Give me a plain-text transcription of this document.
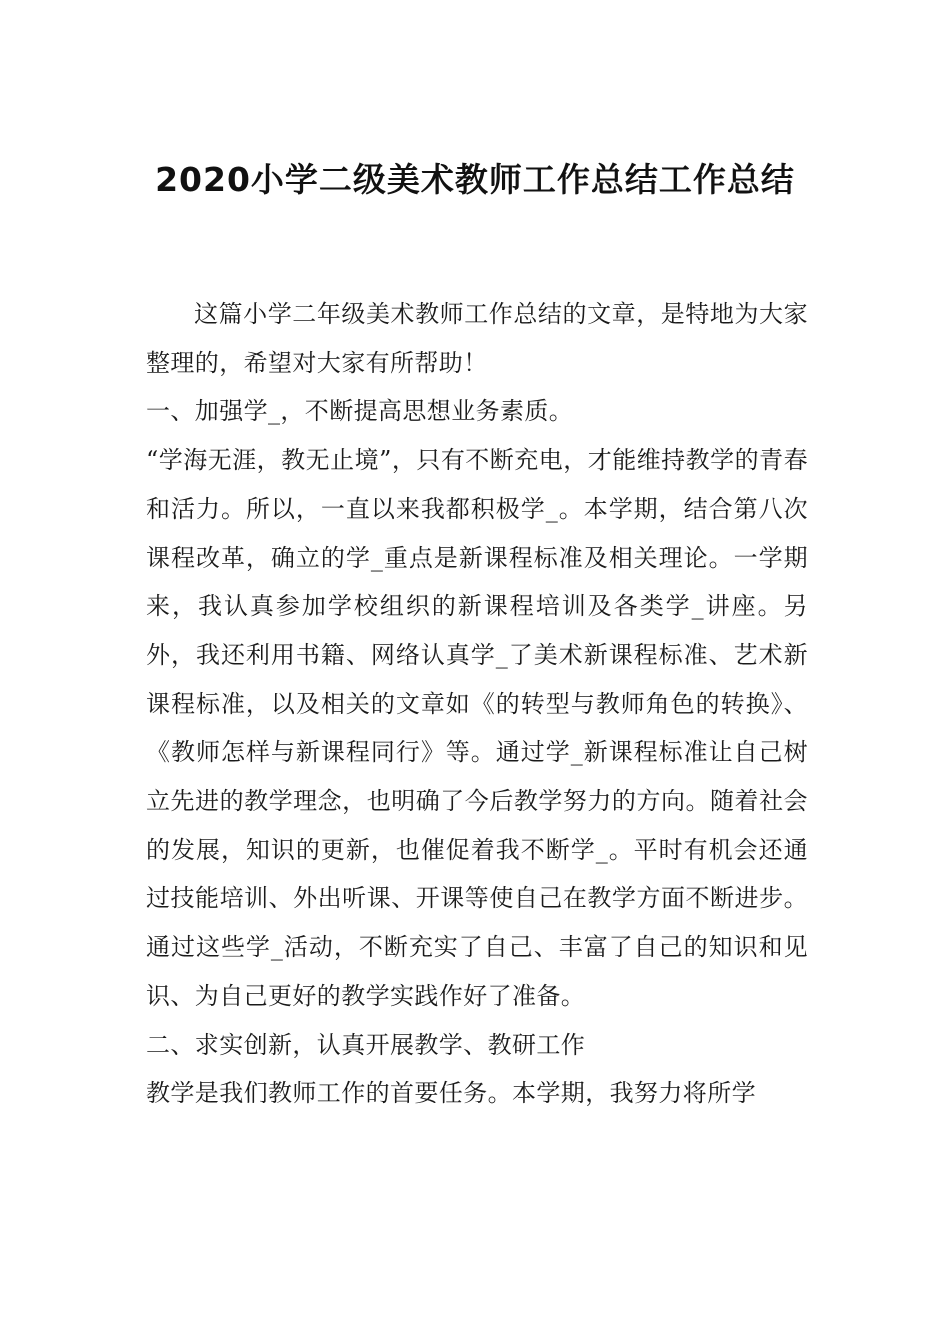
2020小学二级美术教师工作总结工作总结

这篇小学二年级美术教师工作总结的文章，是特地为大家整理的，希望对大家有所帮助！

一、加强学_，不断提高思想业务素质。

“学海无涯，教无止境”，只有不断充电，才能维持教学的青春和活力。所以，一直以来我都积极学_。本学期，结合第八次课程改革，确立的学_重点是新课程标准及相关理论。一学期来，我认真参加学校组织的新课程培训及各类学_讲座。另外，我还利用书籍、网络认真学_了美术新课程标准、艺术新课程标准，以及相关的文章如《的转型与教师角色的转换》、《教师怎样与新课程同行》等。通过学_新课程标准让自己树立先进的教学理念，也明确了今后教学努力的方向。随着社会的发展，知识的更新，也催促着我不断学_。平时有机会还通过技能培训、外出听课、开课等使自己在教学方面不断进步。通过这些学_活动，不断充实了自己、丰富了自己的知识和见识、为自己更好的教学实践作好了准备。

二、求实创新，认真开展教学、教研工作

教学是我们教师工作的首要任务。本学期，我努力将所学
